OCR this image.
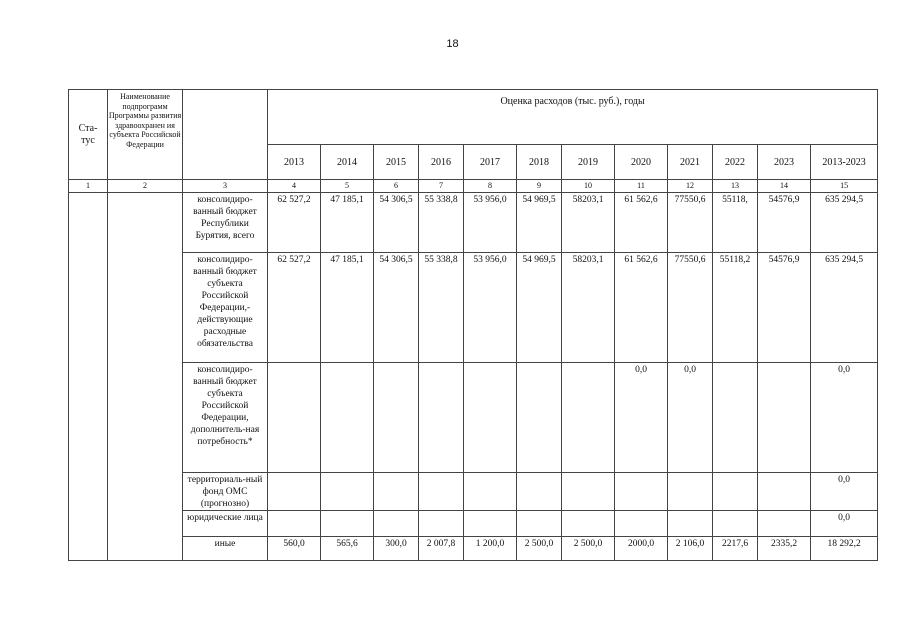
18
Ста-
тус	Наименование подпрограмм Программы развития здравоохранен ия субъекта Российской Федерации		Оценка расходов (тыс. руб.), годы											
			2013	2014	2015	2016	2017	2018	2019	2020	2021	2022	2023	2013-2023
1	2	3	4	5	6	7	8	9	10	11	12	13	14	15
		консолидиро-ванный бюджет Республики Бурятия, всего	62 527,2	47 185,1	54 306,5	55 338,8	53 956,0	54 969,5	58203,1	61 562,6	77550,6	55118,	54576,9	635 294,5
		консолидиро-ванный бюджет субъекта Российской Федерации,-действующие расходные обязательства	62 527,2	47 185,1	54 306,5	55 338,8	53 956,0	54 969,5	58203,1	61 562,6	77550,6	55118,2	54576,9	635 294,5
		консолидиро-ванный бюджет субъекта Российской Федерации, дополнитель-ная потребность*								0,0	0,0			0,0
		территориаль-ный фонд ОМС (прогнозно)												0,0
		юридические лица												0,0
		иные	560,0	565,6	300,0	2 007,8	1 200,0	2 500,0	2 500,0	2000,0	2 106,0	2217,6	2335,2	18 292,2
